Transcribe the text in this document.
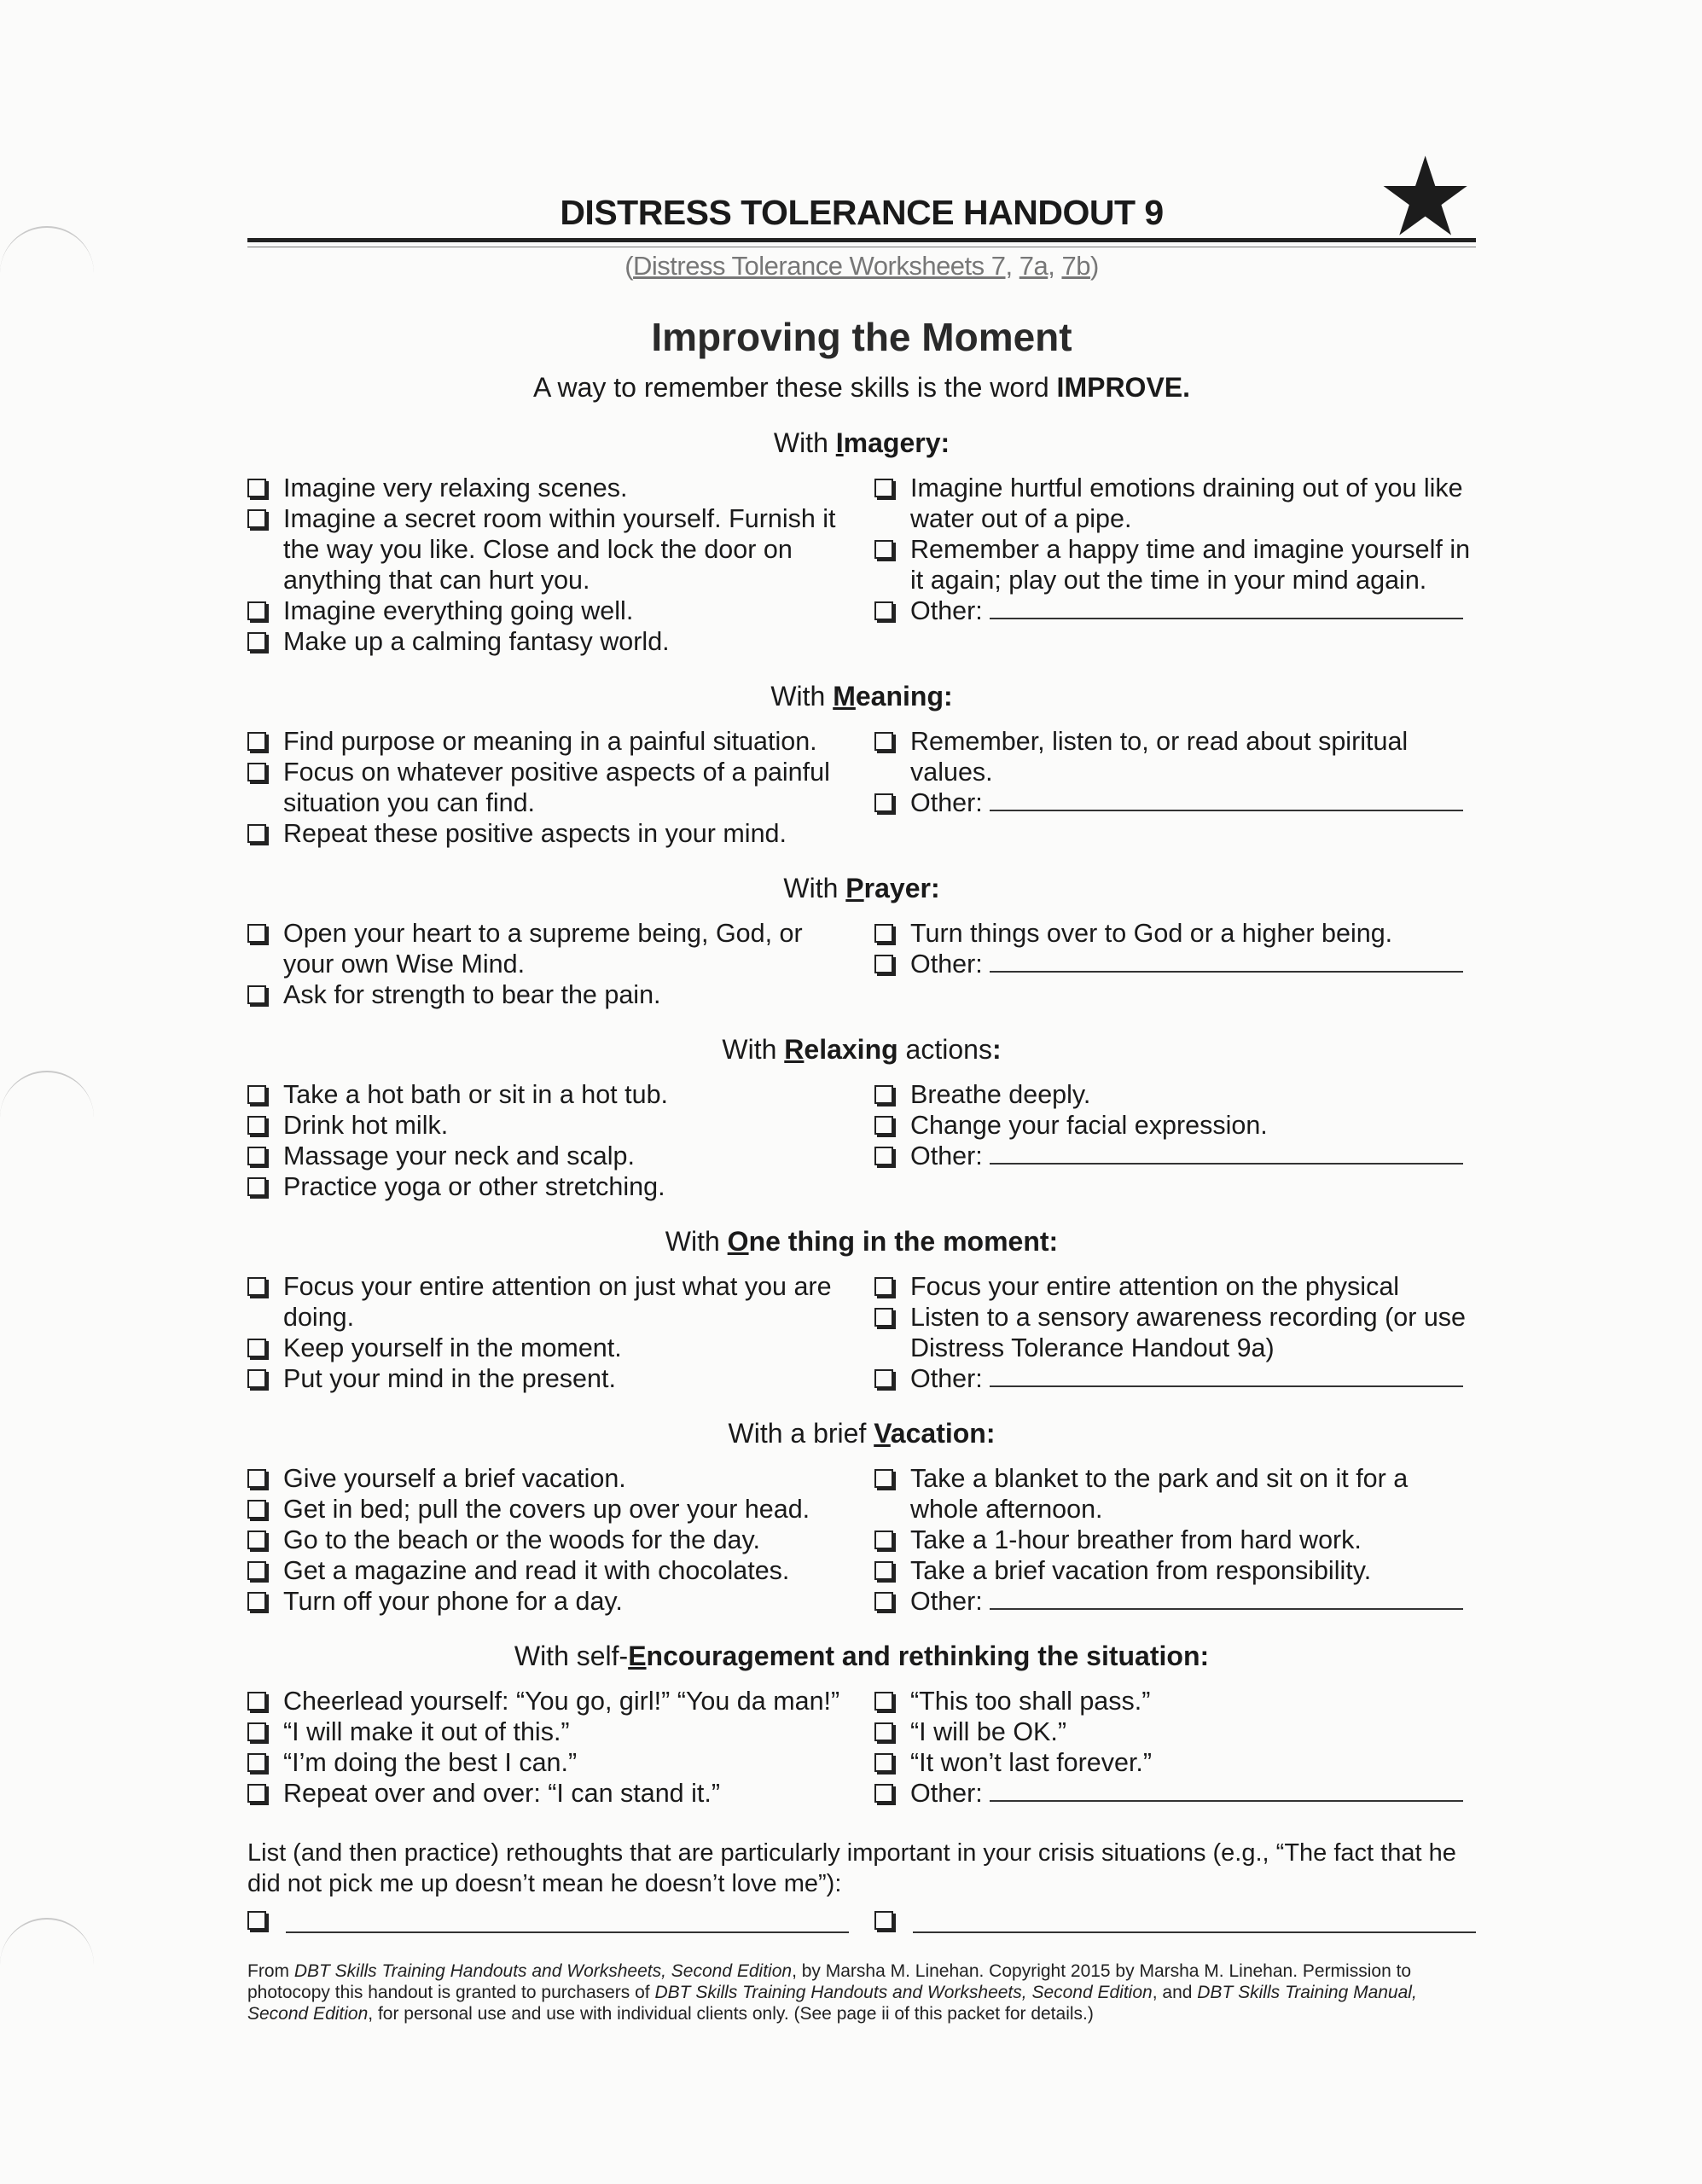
DISTRESS TOLERANCE HANDOUT 9	★
(Distress Tolerance Worksheets 7, 7a, 7b)
Improving the Moment
A way to remember these skills is the word IMPROVE.
With Imagery:
Imagine very relaxing scenes.
Imagine a secret room within yourself. Furnish it the way you like. Close and lock the door on anything that can hurt you.
Imagine everything going well.
Make up a calming fantasy world.
Imagine hurtful emotions draining out of you like water out of a pipe.
Remember a happy time and imagine yourself in it again; play out the time in your mind again.
Other:
With Meaning:
Find purpose or meaning in a painful situation.
Focus on whatever positive aspects of a painful situation you can find.
Repeat these positive aspects in your mind.
Remember, listen to, or read about spiritual values.
Other:
With Prayer:
Open your heart to a supreme being, God, or your own Wise Mind.
Ask for strength to bear the pain.
Turn things over to God or a higher being.
Other:
With Relaxing actions:
Take a hot bath or sit in a hot tub.
Drink hot milk.
Massage your neck and scalp.
Practice yoga or other stretching.
Breathe deeply.
Change your facial expression.
Other:
With One thing in the moment:
Focus your entire attention on just what you are doing.
Keep yourself in the moment.
Put your mind in the present.
Focus your entire attention on the physical
Listen to a sensory awareness recording (or use Distress Tolerance Handout 9a)
Other:
With a brief Vacation:
Give yourself a brief vacation.
Get in bed; pull the covers up over your head.
Go to the beach or the woods for the day.
Get a magazine and read it with chocolates.
Turn off your phone for a day.
Take a blanket to the park and sit on it for a whole afternoon.
Take a 1-hour breather from hard work.
Take a brief vacation from responsibility.
Other:
With self-Encouragement and rethinking the situation:
Cheerlead yourself: “You go, girl!” “You da man!”
“I will make it out of this.”
“I’m doing the best I can.”
Repeat over and over: “I can stand it.”
“This too shall pass.”
“I will be OK.”
“It won’t last forever.”
Other:
List (and then practice) rethoughts that are particularly important in your crisis situations (e.g., “The fact that he did not pick me up doesn’t mean he doesn’t love me”):
From DBT Skills Training Handouts and Worksheets, Second Edition, by Marsha M. Linehan. Copyright 2015 by Marsha M. Linehan. Permission to photocopy this handout is granted to purchasers of DBT Skills Training Handouts and Worksheets, Second Edition, and DBT Skills Training Manual, Second Edition, for personal use and use with individual clients only. (See page ii of this packet for details.)
